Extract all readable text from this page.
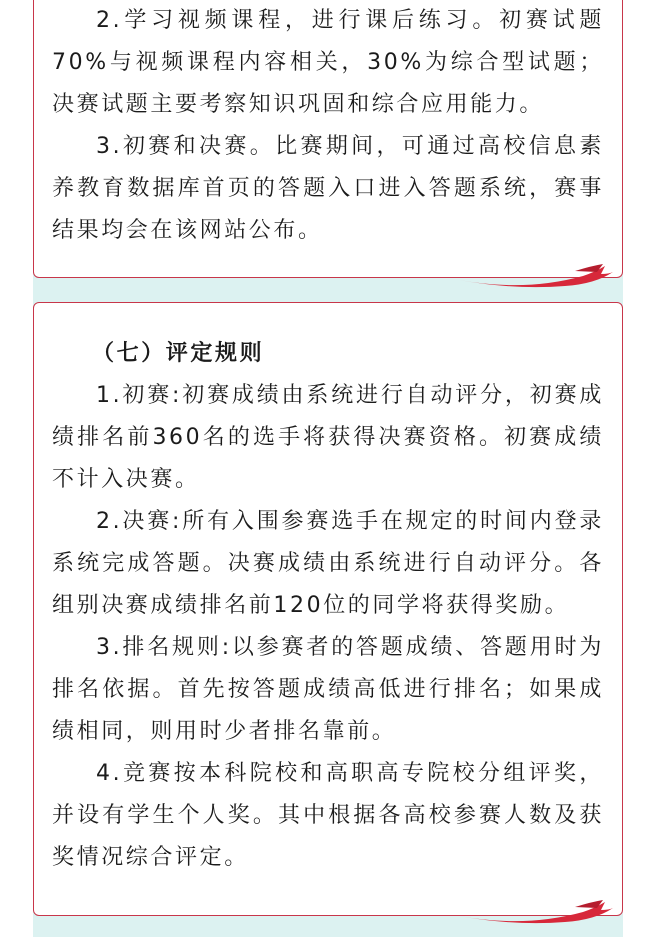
2.学习视频课程，进行课后练习。初赛试题70%与视频课程内容相关，30%为综合型试题；决赛试题主要考察知识巩固和综合应用能力。

3.初赛和决赛。比赛期间，可通过高校信息素养教育数据库首页的答题入口进入答题系统，赛事结果均会在该网站公布。

（七）评定规则

1.初赛:初赛成绩由系统进行自动评分，初赛成绩排名前360名的选手将获得决赛资格。初赛成绩不计入决赛。

2.决赛:所有入围参赛选手在规定的时间内登录系统完成答题。决赛成绩由系统进行自动评分。各组别决赛成绩排名前120位的同学将获得奖励。

3.排名规则:以参赛者的答题成绩、答题用时为排名依据。首先按答题成绩高低进行排名；如果成绩相同，则用时少者排名靠前。

4.竞赛按本科院校和高职高专院校分组评奖，并设有学生个人奖。其中根据各高校参赛人数及获奖情况综合评定。
